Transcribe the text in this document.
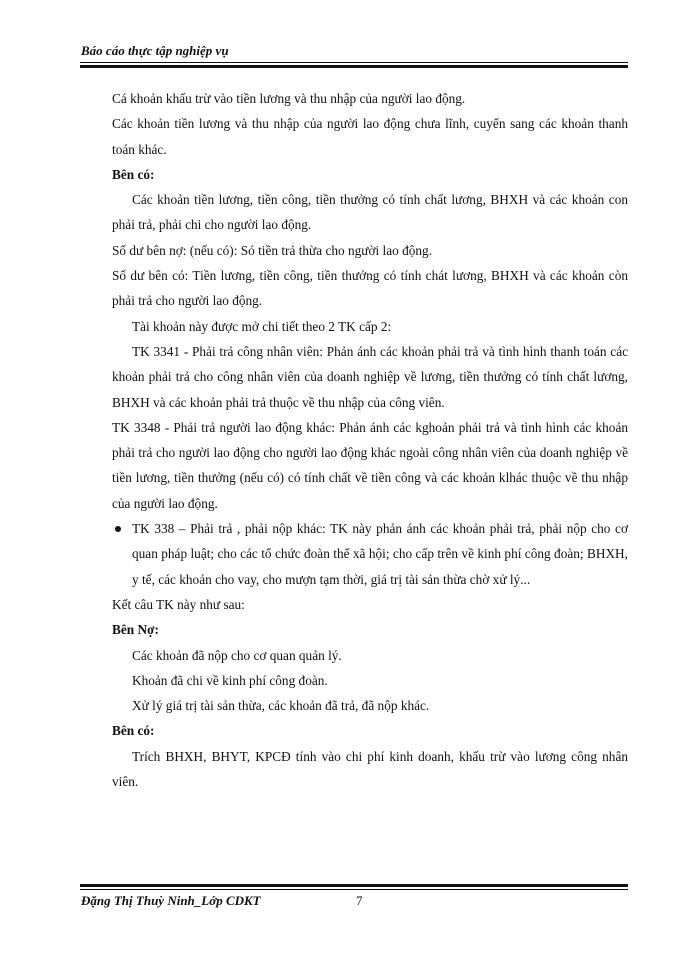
Báo cáo thực tập nghiệp vụ

Cá khoản khấu trừ vào tiền lương và thu nhập của người lao động.

Các khoản tiền lương và thu nhập của người lao động chưa lĩnh, cuyển sang các khoản thanh toán khác.

Bên có:

Các khoản tiền lương, tiền công, tiền thưởng có tính chất lương, BHXH và các khoản con phải trả, phải chi cho người lao động.

Số dư bên nợ: (nếu có): Só tiền trả thừa cho người lao động.

Số dư bên có: Tiền lương, tiền công, tiền thưởng có tính chát lương, BHXH và các khoản còn phải trả cho người lao động.

Tài khoản này được mở chi tiết theo 2 TK cấp 2:

TK 3341 - Phải trả công nhân viên: Phản ánh các khoản phải trả và tình hình thanh toán các khoản phải trả cho công nhân viên của doanh nghiệp về lương, tiền thưởng có tính chất lương, BHXH và các khoản phải trả thuộc về thu nhập của công viên.

TK 3348 - Phải trả người lao động khác: Phản ánh các kghoản phải trả và tình hình các khoản phải trả cho người lao động cho người lao động khác ngoài công nhân viên của doanh nghiệp về tiền lương, tiền thưởng (nếu có) có tính chất về tiền công và các khoản klhác thuộc về thu nhập của người lao động.

TK 338 – Phải trả , phải nộp khác: TK này phản ánh các khoản phải trả, phải nộp cho cơ quan pháp luật; cho các tổ chức đoàn thể xã hội; cho cấp trên về kinh phí công đoàn; BHXH, y tế, các khoản cho vay, cho mượn tạm thời, giá trị tài sản thừa chờ xử lý...

Kết câu TK này như sau:

Bên Nợ:

Các khoản đã nộp cho cơ quan quản lý.

Khoản đã chi về kinh phí công đoàn.

Xử lý giá trị tài sản thừa, các khoản đã trả, đã nộp khác.

Bên có:

Trích BHXH, BHYT, KPCĐ tính vào chi phí kinh doanh, khấu trừ vào lương công nhân viên.

Đặng Thị Thuỳ Ninh_Lớp CDKT	7
